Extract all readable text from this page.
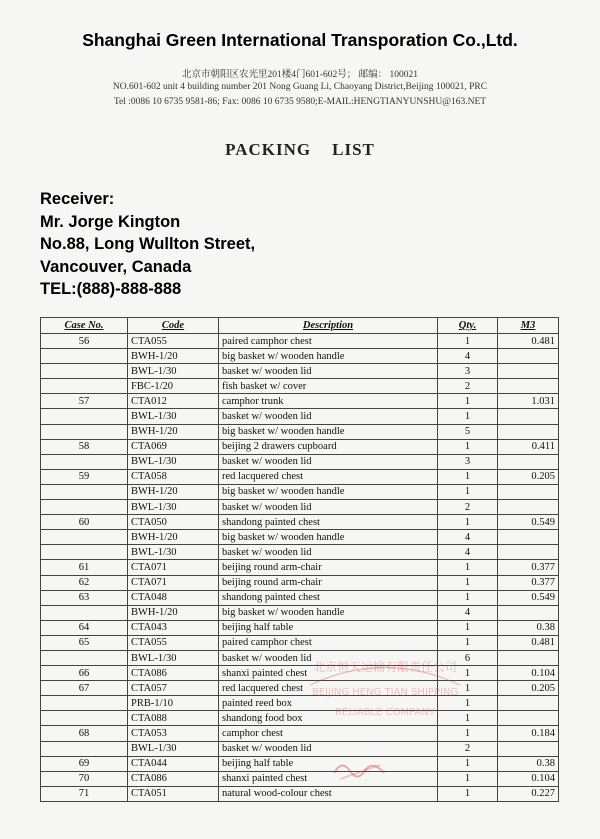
Shanghai Green International Transporation Co.,Ltd.
北京市朝阳区农光里201楼4门601-602号； 邮编： 100021
NO.601-602 unit 4 building number 201 Nong Guang Li, Chaoyang District,Beijing 100021, PRC
Tel :0086 10 6735 9581-86; Fax: 0086 10 6735 9580;E-MAIL:HENGTIANYUNSHU@163.NET
PACKING    LIST
Receiver:
Mr. Jorge Kington
No.88, Long Wullton Street,
Vancouver, Canada
TEL:(888)-888-888
Case No.	Code	Description	Qty.	M3
56	CTA055	paired camphor chest	1	0.481
	BWH-1/20	big basket w/ wooden handle	4	
	BWL-1/30	basket w/ wooden lid	3	
	FBC-1/20	fish basket w/ cover	2	
57	CTA012	camphor trunk	1	1.031
	BWL-1/30	basket w/ wooden lid	1	
	BWH-1/20	big basket w/ wooden handle	5	
58	CTA069	beijing 2 drawers cupboard	1	0.411
	BWL-1/30	basket w/ wooden lid	3	
59	CTA058	red lacquered chest	1	0.205
	BWH-1/20	big basket w/ wooden handle	1	
	BWL-1/30	basket w/ wooden lid	2	
60	CTA050	shandong painted chest	1	0.549
	BWH-1/20	big basket w/ wooden handle	4	
	BWL-1/30	basket w/ wooden lid	4	
61	CTA071	beijing round arm-chair	1	0.377
62	CTA071	beijing round arm-chair	1	0.377
63	CTA048	shandong painted chest	1	0.549
	BWH-1/20	big basket w/ wooden handle	4	
64	CTA043	beijing half table	1	0.38
65	CTA055	paired camphor chest	1	0.481
	BWL-1/30	basket w/ wooden lid	6	
66	CTA086	shanxi painted chest	1	0.104
67	CTA057	red lacquered chest	1	0.205
	PRB-1/10	painted reed box	1	
	CTA088	shandong food box	1	
68	CTA053	camphor chest	1	0.184
	BWL-1/30	basket w/ wooden lid	2	
69	CTA044	beijing half table	1	0.38
70	CTA086	shanxi painted chest	1	0.104
71	CTA051	natural wood-colour chest	1	0.227
北京恒天运输有限责任公司
BEIJING HENG TIAN SHIPPING
RELIABLE COMPANY
